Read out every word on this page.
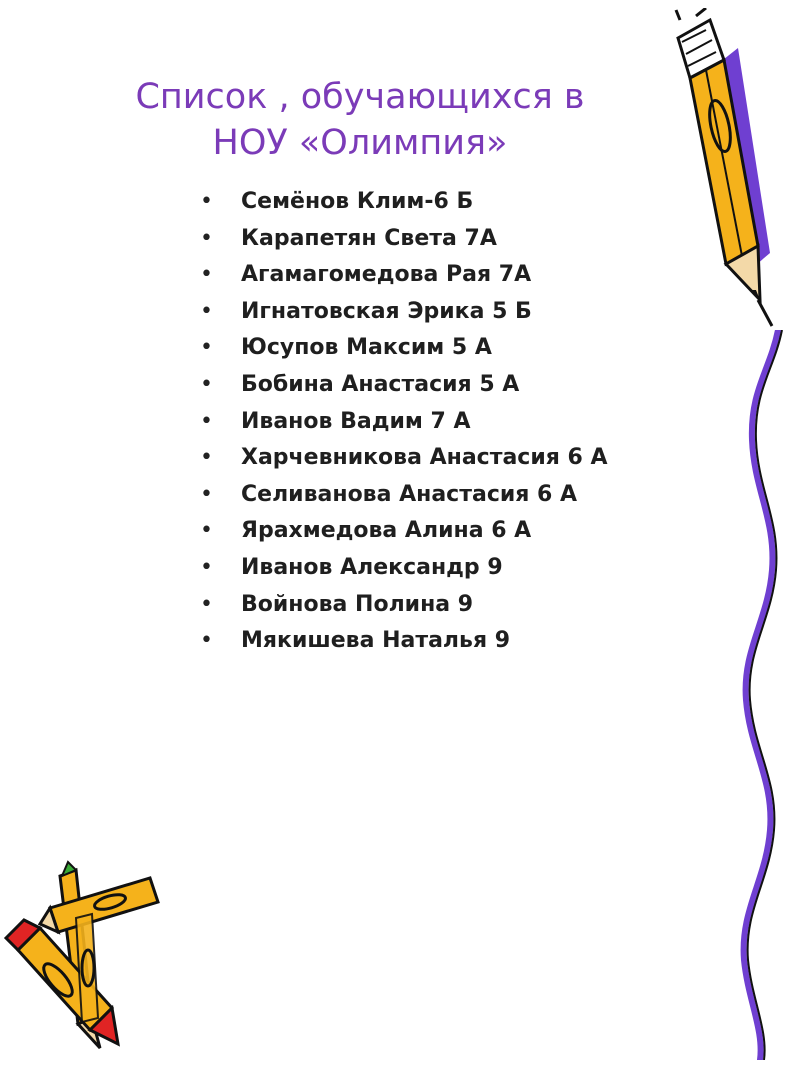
Список , обучающихся в
НОУ «Олимпия»
• Семёнов Клим-6 Б
• Карапетян Света 7А
• Агамагомедова Рая 7А
• Игнатовская Эрика 5 Б
• Юсупов Максим 5 А
• Бобина Анастасия 5 А
• Иванов Вадим 7 А
• Харчевникова Анастасия 6 А
• Селиванова Анастасия 6 А
• Ярахмедова Алина 6 А
• Иванов Александр 9
• Войнова Полина 9
• Мякишева Наталья 9
